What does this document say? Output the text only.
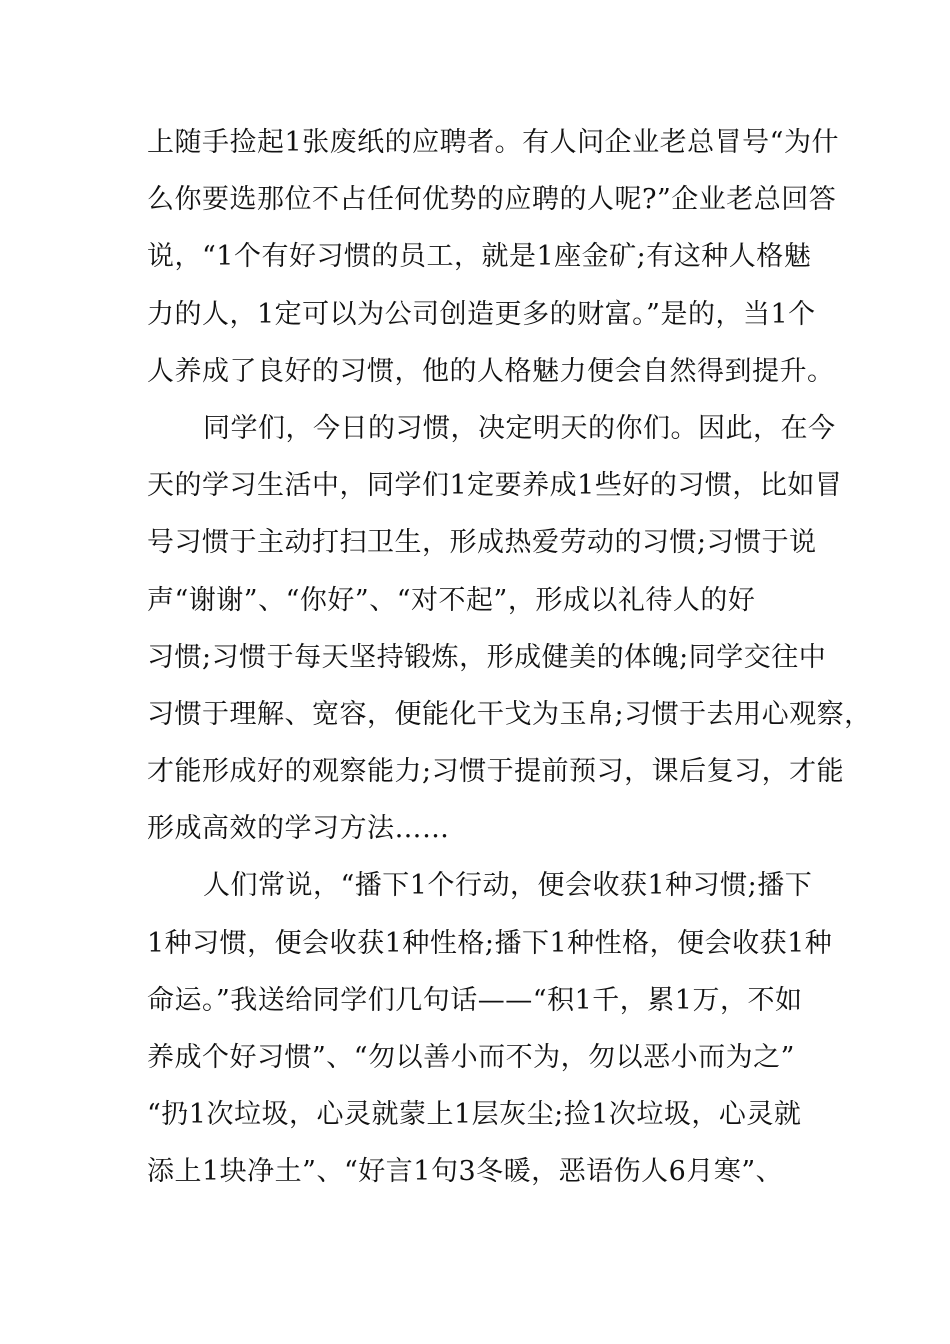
上随手捡起1张废纸的应聘者。有人问企业老总冒号“为什
么你要选那位不占任何优势的应聘的人呢?”企业老总回答
说，“1个有好习惯的员工，就是1座金矿;有这种人格魅
力的人，1定可以为公司创造更多的财富。”是的，当1个
人养成了良好的习惯，他的人格魅力便会自然得到提升。
同学们，今日的习惯，决定明天的你们。因此，在今
天的学习生活中，同学们1定要养成1些好的习惯，比如冒
号习惯于主动打扫卫生，形成热爱劳动的习惯;习惯于说
声“谢谢”、“你好”、“对不起”，形成以礼待人的好
习惯;习惯于每天坚持锻炼，形成健美的体魄;同学交往中
习惯于理解、宽容，便能化干戈为玉帛;习惯于去用心观察，
才能形成好的观察能力;习惯于提前预习，课后复习，才能
形成高效的学习方法……
人们常说，“播下1个行动，便会收获1种习惯;播下
1种习惯，便会收获1种性格;播下1种性格，便会收获1种
命运。”我送给同学们几句话——“积1千，累1万，不如
养成个好习惯”、“勿以善小而不为，勿以恶小而为之”
“扔1次垃圾，心灵就蒙上1层灰尘;捡1次垃圾，心灵就
添上1块净土”、“好言1句3冬暖，恶语伤人6月寒”、
